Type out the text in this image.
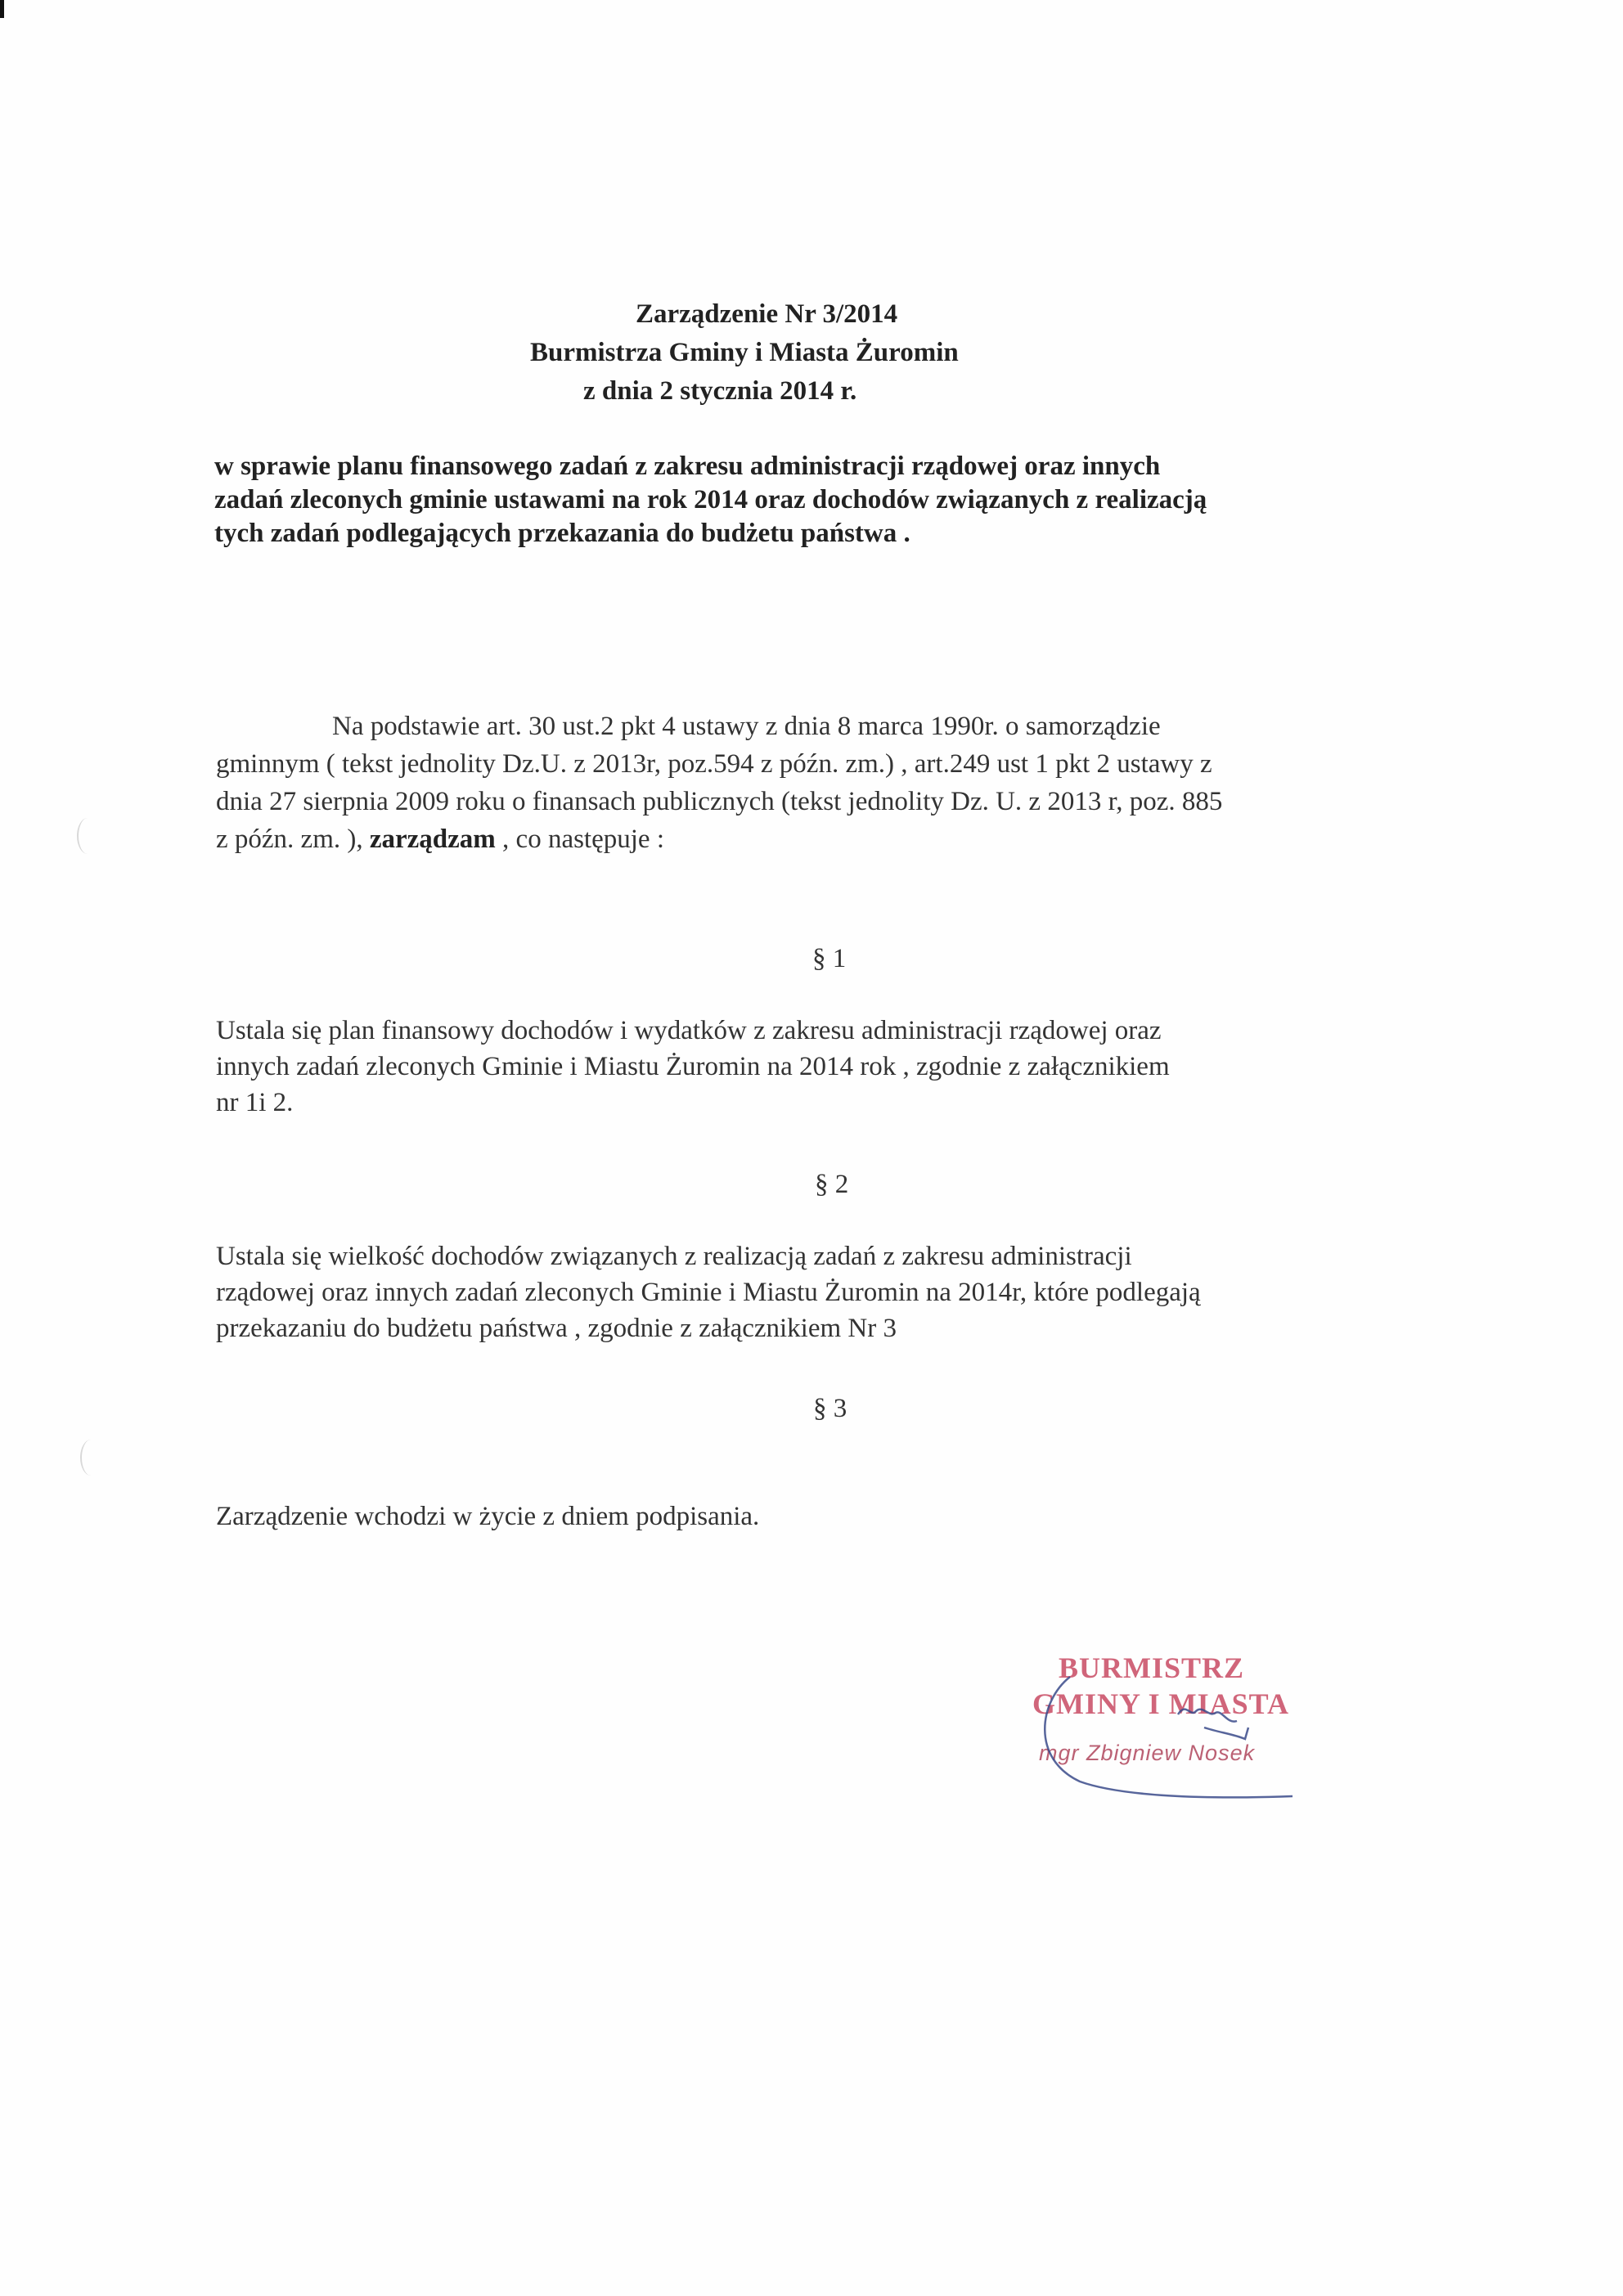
Zarządzenie Nr 3/2014
Burmistrza Gminy i Miasta Żuromin
z dnia 2 stycznia 2014 r.
w sprawie planu finansowego zadań z zakresu administracji rządowej oraz innych
zadań zleconych gminie ustawami na rok 2014 oraz dochodów związanych z realizacją
tych zadań podlegających przekazania do budżetu państwa .
Na podstawie art. 30 ust.2 pkt 4 ustawy z dnia 8 marca 1990r. o samorządzie
gminnym ( tekst jednolity Dz.U. z 2013r, poz.594 z późn. zm.) , art.249 ust 1 pkt 2 ustawy z
dnia 27 sierpnia 2009 roku o finansach publicznych (tekst jednolity Dz. U. z 2013 r, poz. 885
z późn. zm. ), zarządzam , co następuje :
§ 1
Ustala się plan finansowy dochodów i wydatków z zakresu administracji rządowej oraz
innych zadań zleconych Gminie i Miastu Żuromin na 2014 rok , zgodnie z załącznikiem
nr 1i 2.
§ 2
Ustala się wielkość dochodów związanych z realizacją zadań z zakresu administracji
rządowej oraz innych zadań zleconych Gminie i Miastu Żuromin na 2014r, które podlegają
przekazaniu do budżetu państwa , zgodnie z załącznikiem Nr 3
§ 3
Zarządzenie wchodzi w życie z dniem podpisania.
BURMISTRZ
GMINY I MIASTA
mgr Zbigniew Nosek
